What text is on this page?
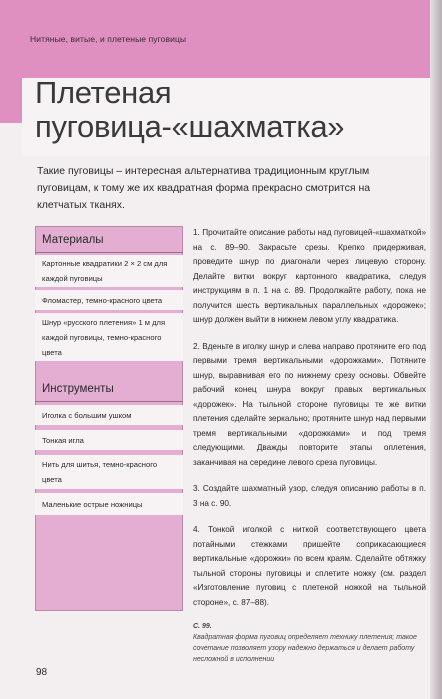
Нитяные, витые, и плетеные пуговицы
Плетеная
пуговица-«шахматка»

Такие пуговицы – интересная альтернатива традиционным круглым пуговицам, к тому же их квадратная форма прекрасно смотрится на клетчатых тканях.

Материалы
Картонные квадратики 2 × 2 см для каждой пуговицы
Фломастер, темно-красного цвета
Шнур «русского плетения» 1 м для каждой пуговицы, темно-красного цвета
Инструменты
Иголка с большим ушком
Тонкая игла
Нить для шитья, темно-красного цвета
Маленькие острые ножницы

1. Прочитайте описание работы над пуговицей-«шахматкой» на с. 89–90. Закрасьте срезы. Крепко придерживая, проведите шнур по диагонали через лицевую сторону. Делайте витки вокруг картонного квадратика, следуя инструкциям в п. 1 на с. 89. Продолжайте работу, пока не получится шесть вертикальных параллельных «дорожек»; шнур должен выйти в нижнем левом углу квадратика.

2. Вденьте в иголку шнур и слева направо протяните его под первыми тремя вертикальными «дорожками». Потяните шнур, выравнивая его по нижнему срезу основы. Обвейте рабочий конец шнура вокруг правых вертикальных «дорожек». На тыльной стороне пуговицы те же витки плетения сделайте зеркально; протяните шнур над первыми тремя вертикальными «дорожками» и под тремя следующими. Дважды повторите этапы оплетения, заканчивая на середине левого среза пуговицы.

3. Создайте шахматный узор, следуя описанию работы в п. 3 на с. 90.

4. Тонкой иголкой с ниткой соответствующего цвета потайными стежками пришейте соприкасающиеся вертикальные «дорожки» по всем краям. Сделайте обтяжку тыльной стороны пуговицы и сплетите ножку (см. раздел «Изготовление пуговиц с плетеной ножкой на тыльной стороне», с. 87–88).

С. 99.
Квадратная форма пуговиц определяет технику плетения; такое сочетание позволяет узору надежно держаться и делает работу несложной в исполнении
98
